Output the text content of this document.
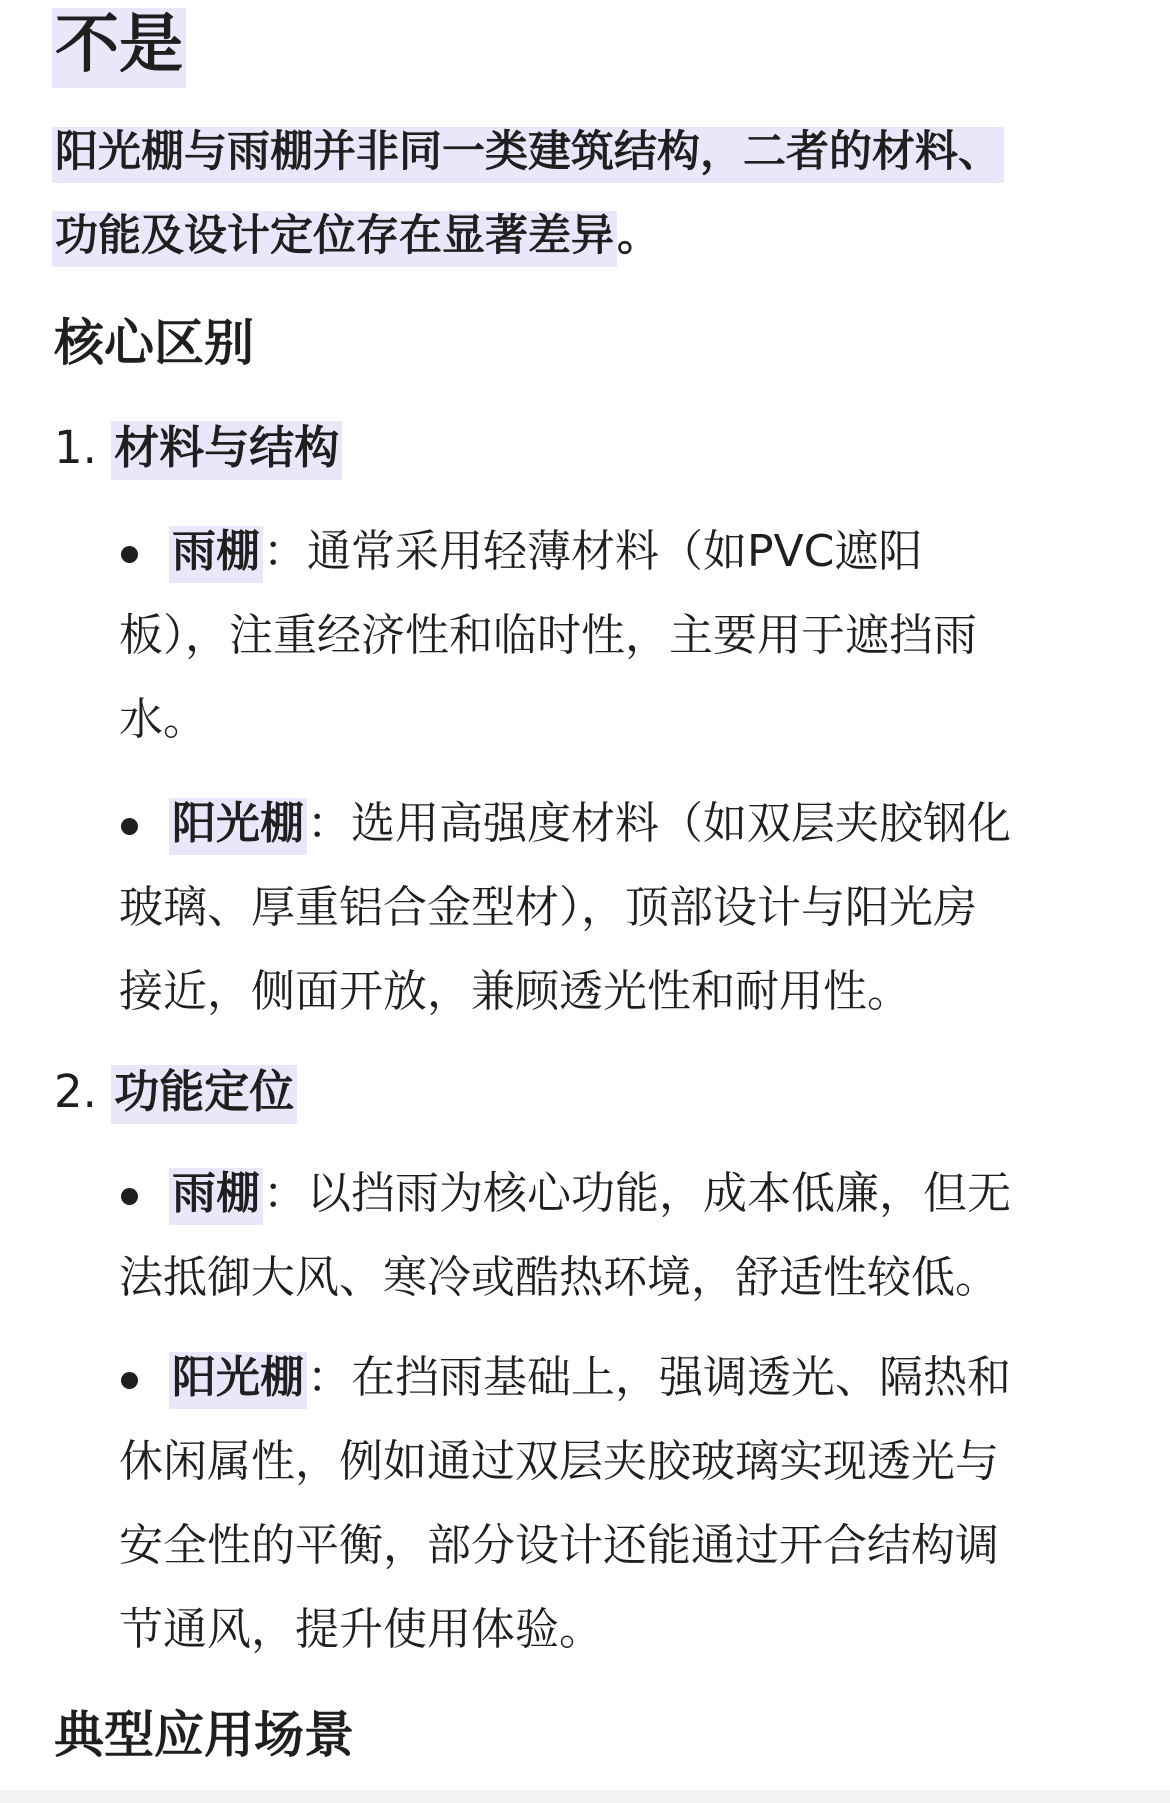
不是
阳光棚与雨棚并非同一类建筑结构，二者的材料、
功能及设计定位存在显著差异。
核心区别
1. 材料与结构
雨棚：通常采用轻薄材料（如PVC遮阳
板），注重经济性和临时性，主要用于遮挡雨
水。
阳光棚：选用高强度材料（如双层夹胶钢化
玻璃、厚重铝合金型材），顶部设计与阳光房
接近，侧面开放，兼顾透光性和耐用性。
2. 功能定位
雨棚：以挡雨为核心功能，成本低廉，但无
法抵御大风、寒冷或酷热环境，舒适性较低。
阳光棚：在挡雨基础上，强调透光、隔热和
休闲属性，例如通过双层夹胶玻璃实现透光与
安全性的平衡，部分设计还能通过开合结构调
节通风，提升使用体验。
典型应用场景
